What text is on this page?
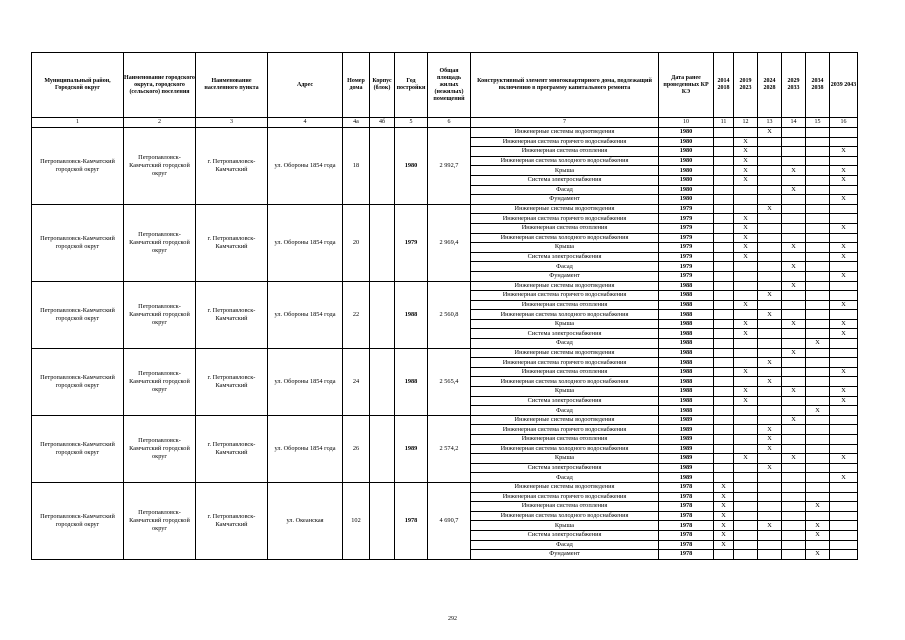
Муниципальный район, Городской округ	Наименование городского округа, городского (сельского) поселения	Наименование населенного пункта	Адрес	Номер дома	Корпус (блок)	Год постройки	Общая площадь жилых (нежилых) помещений	Конструктивный элемент многоквартирного дома, подлежащий включению в программу капитального ремонта	Дата ранее проведенных КР КЭ	2014 2018	2019 2023	2024 2028	2029 2033	2034 2038	2039 2043
1	2	3	4	4а	4б	5	6	7	10	11	12	13	14	15	16
Петропавловск-Камчатский городской округ	Петропавловск-Камчатский городской округ	г. Петропавловск-Камчатский	ул. Обороны 1854 года	18		1980	2 992,7	Инженерные системы водоотведения	1980			X			
								Инженерная система горячего водоснабжения	1980		X				
								Инженерная система отопления	1980		X				X
								Инженерная система холодного водоснабжения	1980		X				
								Крыша	1980		X		X		X
								Система электроснабжения	1980		X				X
								Фасад	1980				X		
								Фундамент	1980						X
Петропавловск-Камчатский городской округ	Петропавловск-Камчатский городской округ	г. Петропавловск-Камчатский	ул. Обороны 1854 года	20		1979	2 969,4	Инженерные системы водоотведения	1979			X			
								Инженерная система горячего водоснабжения	1979		X				
								Инженерная система отопления	1979		X				X
								Инженерная система холодного водоснабжения	1979		X				
								Крыша	1979		X		X		X
								Система электроснабжения	1979		X				X
								Фасад	1979				X		
								Фундамент	1979						X
Петропавловск-Камчатский городской округ	Петропавловск-Камчатский городской округ	г. Петропавловск-Камчатский	ул. Обороны 1854 года	22		1988	2 560,8	Инженерные системы водоотведения	1988				X		
								Инженерная система горячего водоснабжения	1988			X			
								Инженерная система отопления	1988		X				X
								Инженерная система холодного водоснабжения	1988			X			
								Крыша	1988		X		X		X
								Система электроснабжения	1988		X				X
								Фасад	1988					X	
Петропавловск-Камчатский городской округ	Петропавловск-Камчатский городской округ	г. Петропавловск-Камчатский	ул. Обороны 1854 года	24		1988	2 565,4	Инженерные системы водоотведения	1988				X		
								Инженерная система горячего водоснабжения	1988			X			
								Инженерная система отопления	1988		X				X
								Инженерная система холодного водоснабжения	1988			X			
								Крыша	1988		X		X		X
								Система электроснабжения	1988		X				X
								Фасад	1988					X	
Петропавловск-Камчатский городской округ	Петропавловск-Камчатский городской округ	г. Петропавловск-Камчатский	ул. Обороны 1854 года	26		1989	2 574,2	Инженерные системы водоотведения	1989				X		
								Инженерная система горячего водоснабжения	1989			X			
								Инженерная система отопления	1989			X			
								Инженерная система холодного водоснабжения	1989			X			
								Крыша	1989		X		X		X
								Система электроснабжения	1989			X			
								Фасад	1989						X
Петропавловск-Камчатский городской округ	Петропавловск-Камчатский городской округ	г. Петропавловск-Камчатский	ул. Океанская	102		1978	4 690,7	Инженерные системы водоотведения	1978	X					
								Инженерная система горячего водоснабжения	1978	X					
								Инженерная система отопления	1978	X				X	
								Инженерная система холодного водоснабжения	1978	X					
								Крыша	1978	X		X		X	
								Система электроснабжения	1978	X				X	
								Фасад	1978	X					
								Фундамент	1978					X	
292
